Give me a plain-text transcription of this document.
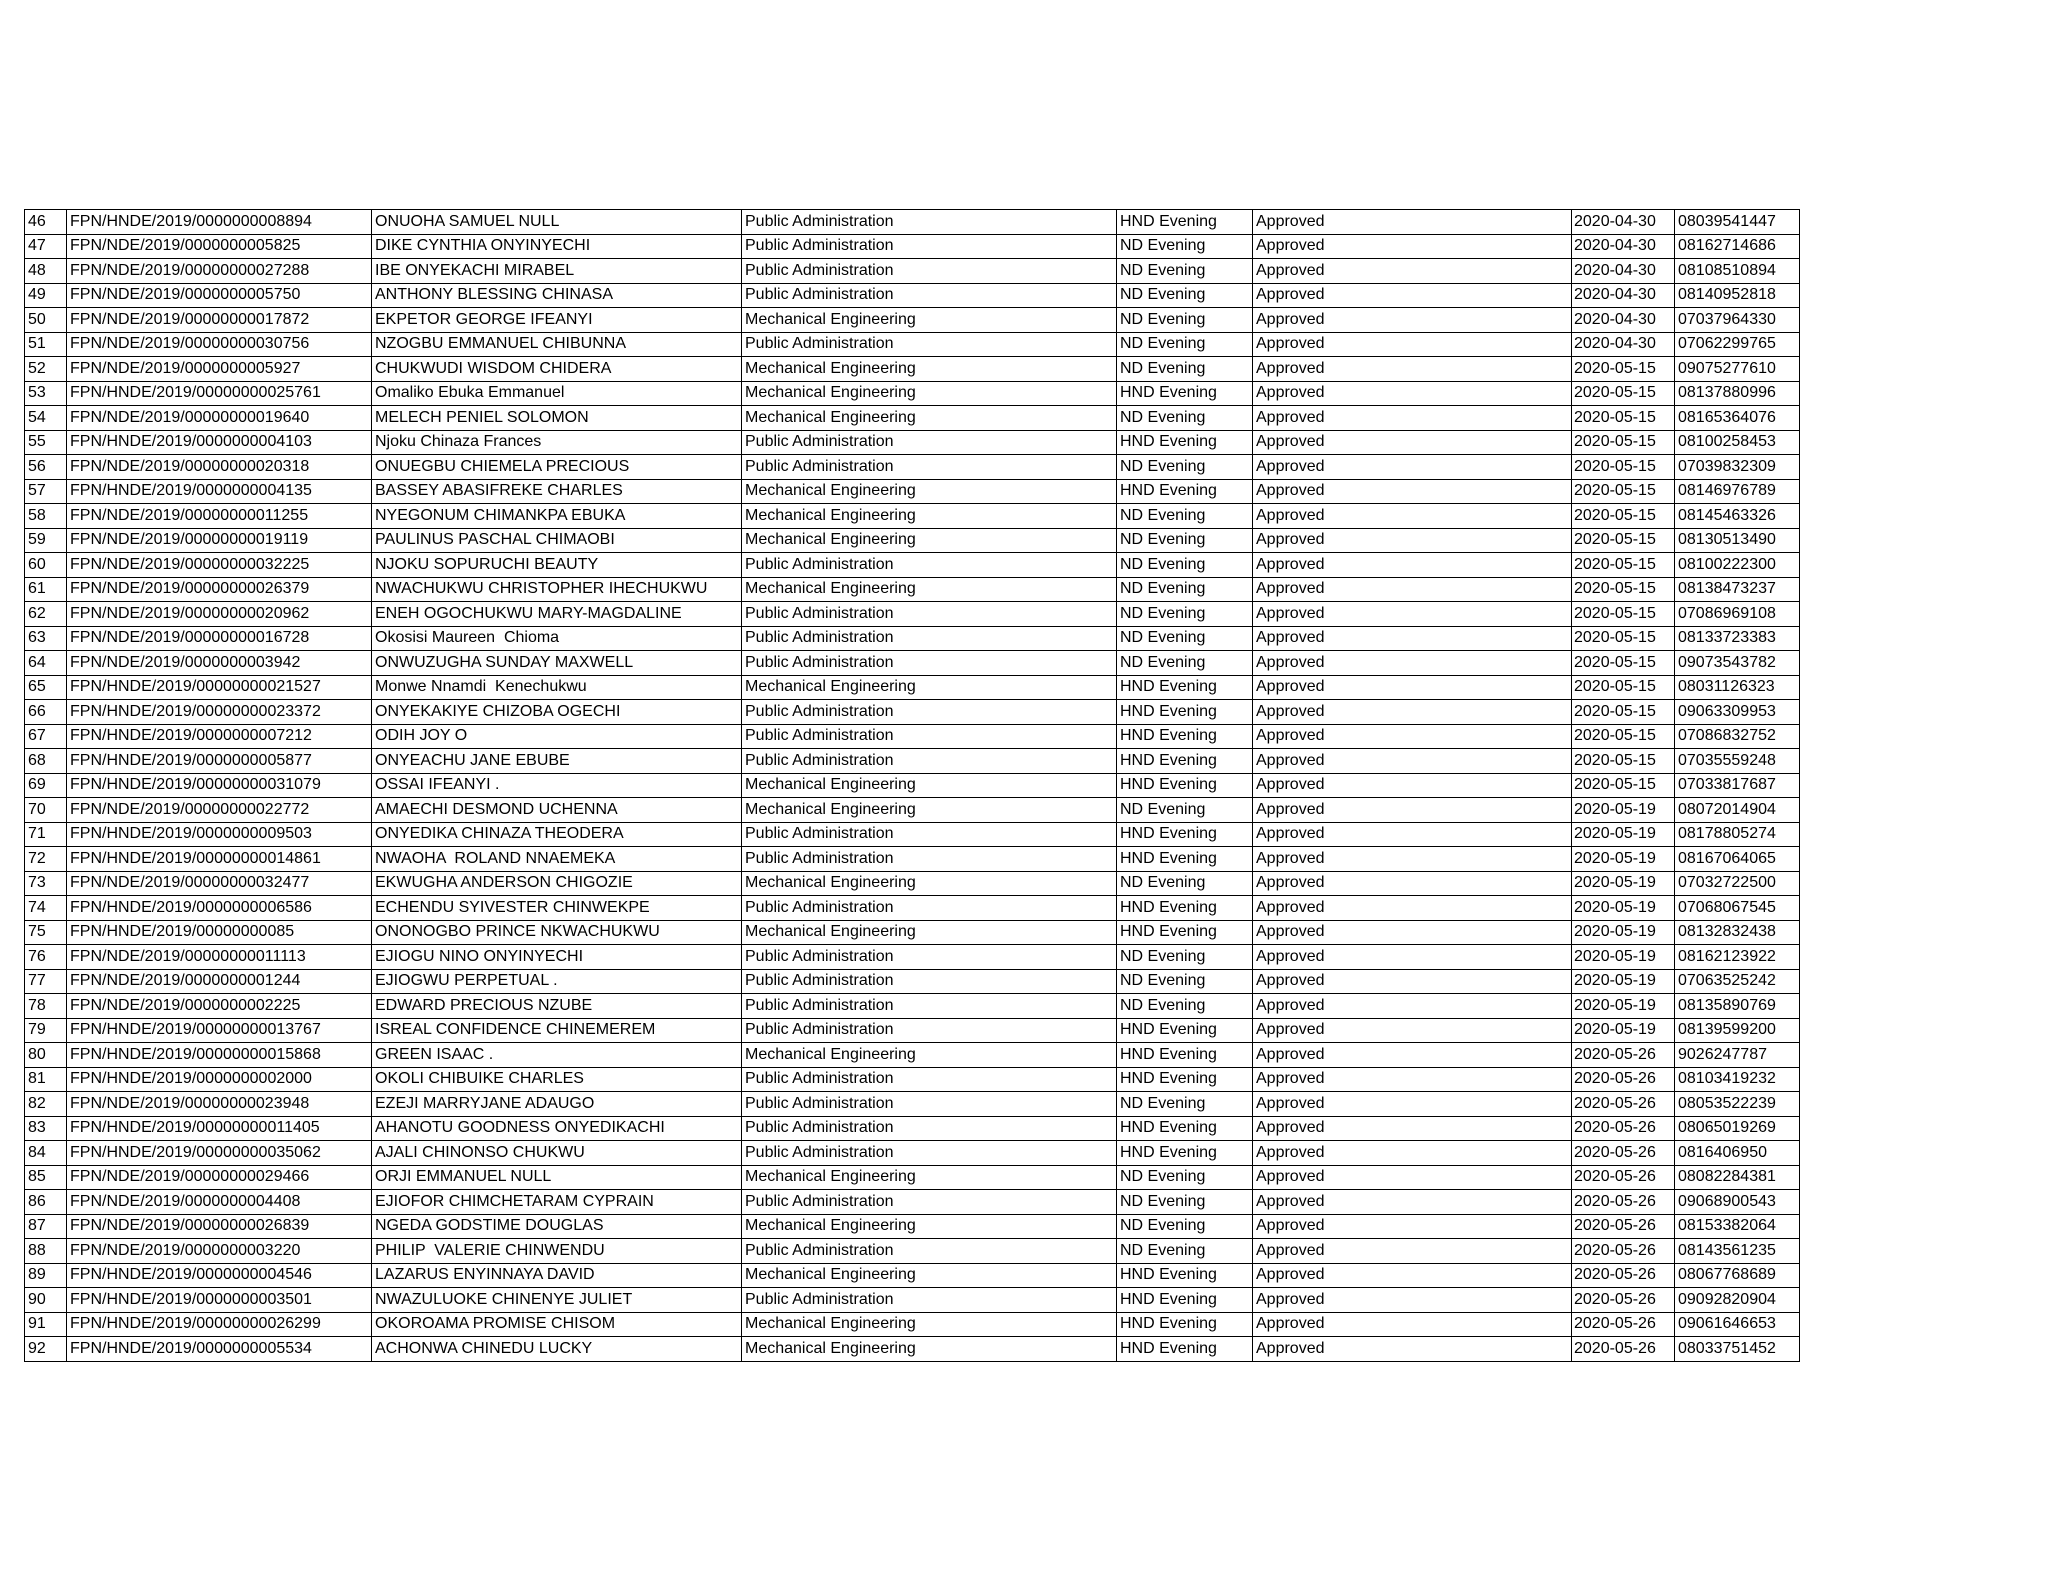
46	FPN/HNDE/2019/0000000008894	ONUOHA SAMUEL NULL	Public Administration	HND Evening	Approved	2020-04-30	08039541447
47	FPN/NDE/2019/0000000005825	DIKE CYNTHIA ONYINYECHI	Public Administration	ND Evening	Approved	2020-04-30	08162714686
48	FPN/NDE/2019/00000000027288	IBE ONYEKACHI MIRABEL	Public Administration	ND Evening	Approved	2020-04-30	08108510894
49	FPN/NDE/2019/0000000005750	ANTHONY BLESSING CHINASA	Public Administration	ND Evening	Approved	2020-04-30	08140952818
50	FPN/NDE/2019/00000000017872	EKPETOR GEORGE IFEANYI	Mechanical Engineering	ND Evening	Approved	2020-04-30	07037964330
51	FPN/NDE/2019/00000000030756	NZOGBU EMMANUEL CHIBUNNA	Public Administration	ND Evening	Approved	2020-04-30	07062299765
52	FPN/NDE/2019/0000000005927	CHUKWUDI WISDOM CHIDERA	Mechanical Engineering	ND Evening	Approved	2020-05-15	09075277610
53	FPN/HNDE/2019/00000000025761	Omaliko Ebuka Emmanuel	Mechanical Engineering	HND Evening	Approved	2020-05-15	08137880996
54	FPN/NDE/2019/00000000019640	MELECH PENIEL SOLOMON	Mechanical Engineering	ND Evening	Approved	2020-05-15	08165364076
55	FPN/HNDE/2019/0000000004103	Njoku Chinaza Frances	Public Administration	HND Evening	Approved	2020-05-15	08100258453
56	FPN/NDE/2019/00000000020318	ONUEGBU CHIEMELA PRECIOUS	Public Administration	ND Evening	Approved	2020-05-15	07039832309
57	FPN/HNDE/2019/0000000004135	BASSEY ABASIFREKE CHARLES	Mechanical Engineering	HND Evening	Approved	2020-05-15	08146976789
58	FPN/NDE/2019/00000000011255	NYEGONUM CHIMANKPA EBUKA	Mechanical Engineering	ND Evening	Approved	2020-05-15	08145463326
59	FPN/NDE/2019/00000000019119	PAULINUS PASCHAL CHIMAOBI	Mechanical Engineering	ND Evening	Approved	2020-05-15	08130513490
60	FPN/NDE/2019/00000000032225	NJOKU SOPURUCHI BEAUTY	Public Administration	ND Evening	Approved	2020-05-15	08100222300
61	FPN/NDE/2019/00000000026379	NWACHUKWU CHRISTOPHER IHECHUKWU	Mechanical Engineering	ND Evening	Approved	2020-05-15	08138473237
62	FPN/NDE/2019/00000000020962	ENEH OGOCHUKWU MARY-MAGDALINE	Public Administration	ND Evening	Approved	2020-05-15	07086969108
63	FPN/NDE/2019/00000000016728	Okosisi Maureen  Chioma	Public Administration	ND Evening	Approved	2020-05-15	08133723383
64	FPN/NDE/2019/0000000003942	ONWUZUGHA SUNDAY MAXWELL	Public Administration	ND Evening	Approved	2020-05-15	09073543782
65	FPN/HNDE/2019/00000000021527	Monwe Nnamdi  Kenechukwu	Mechanical Engineering	HND Evening	Approved	2020-05-15	08031126323
66	FPN/HNDE/2019/00000000023372	ONYEKAKIYE CHIZOBA OGECHI	Public Administration	HND Evening	Approved	2020-05-15	09063309953
67	FPN/HNDE/2019/0000000007212	ODIH JOY O	Public Administration	HND Evening	Approved	2020-05-15	07086832752
68	FPN/HNDE/2019/0000000005877	ONYEACHU JANE EBUBE	Public Administration	HND Evening	Approved	2020-05-15	07035559248
69	FPN/HNDE/2019/00000000031079	OSSAI IFEANYI .	Mechanical Engineering	HND Evening	Approved	2020-05-15	07033817687
70	FPN/NDE/2019/00000000022772	AMAECHI DESMOND UCHENNA	Mechanical Engineering	ND Evening	Approved	2020-05-19	08072014904
71	FPN/HNDE/2019/0000000009503	ONYEDIKA CHINAZA THEODERA	Public Administration	HND Evening	Approved	2020-05-19	08178805274
72	FPN/HNDE/2019/00000000014861	NWAOHA  ROLAND NNAEMEKA	Public Administration	HND Evening	Approved	2020-05-19	08167064065
73	FPN/NDE/2019/00000000032477	EKWUGHA ANDERSON CHIGOZIE	Mechanical Engineering	ND Evening	Approved	2020-05-19	07032722500
74	FPN/HNDE/2019/0000000006586	ECHENDU SYIVESTER CHINWEKPE	Public Administration	HND Evening	Approved	2020-05-19	07068067545
75	FPN/HNDE/2019/00000000085	ONONOGBO PRINCE NKWACHUKWU	Mechanical Engineering	HND Evening	Approved	2020-05-19	08132832438
76	FPN/NDE/2019/00000000011113	EJIOGU NINO ONYINYECHI	Public Administration	ND Evening	Approved	2020-05-19	08162123922
77	FPN/NDE/2019/0000000001244	EJIOGWU PERPETUAL .	Public Administration	ND Evening	Approved	2020-05-19	07063525242
78	FPN/NDE/2019/0000000002225	EDWARD PRECIOUS NZUBE	Public Administration	ND Evening	Approved	2020-05-19	08135890769
79	FPN/HNDE/2019/00000000013767	ISREAL CONFIDENCE CHINEMEREM	Public Administration	HND Evening	Approved	2020-05-19	08139599200
80	FPN/HNDE/2019/00000000015868	GREEN ISAAC .	Mechanical Engineering	HND Evening	Approved	2020-05-26	9026247787
81	FPN/HNDE/2019/0000000002000	OKOLI CHIBUIKE CHARLES	Public Administration	HND Evening	Approved	2020-05-26	08103419232
82	FPN/NDE/2019/00000000023948	EZEJI MARRYJANE ADAUGO	Public Administration	ND Evening	Approved	2020-05-26	08053522239
83	FPN/HNDE/2019/00000000011405	AHANOTU GOODNESS ONYEDIKACHI	Public Administration	HND Evening	Approved	2020-05-26	08065019269
84	FPN/HNDE/2019/00000000035062	AJALI CHINONSO CHUKWU	Public Administration	HND Evening	Approved	2020-05-26	0816406950
85	FPN/NDE/2019/00000000029466	ORJI EMMANUEL NULL	Mechanical Engineering	ND Evening	Approved	2020-05-26	08082284381
86	FPN/NDE/2019/0000000004408	EJIOFOR CHIMCHETARAM CYPRAIN	Public Administration	ND Evening	Approved	2020-05-26	09068900543
87	FPN/NDE/2019/00000000026839	NGEDA GODSTIME DOUGLAS	Mechanical Engineering	ND Evening	Approved	2020-05-26	08153382064
88	FPN/NDE/2019/0000000003220	PHILIP  VALERIE CHINWENDU	Public Administration	ND Evening	Approved	2020-05-26	08143561235
89	FPN/HNDE/2019/0000000004546	LAZARUS ENYINNAYA DAVID	Mechanical Engineering	HND Evening	Approved	2020-05-26	08067768689
90	FPN/HNDE/2019/0000000003501	NWAZULUOKE CHINENYE JULIET	Public Administration	HND Evening	Approved	2020-05-26	09092820904
91	FPN/HNDE/2019/00000000026299	OKOROAMA PROMISE CHISOM	Mechanical Engineering	HND Evening	Approved	2020-05-26	09061646653
92	FPN/HNDE/2019/0000000005534	ACHONWA CHINEDU LUCKY	Mechanical Engineering	HND Evening	Approved	2020-05-26	08033751452
